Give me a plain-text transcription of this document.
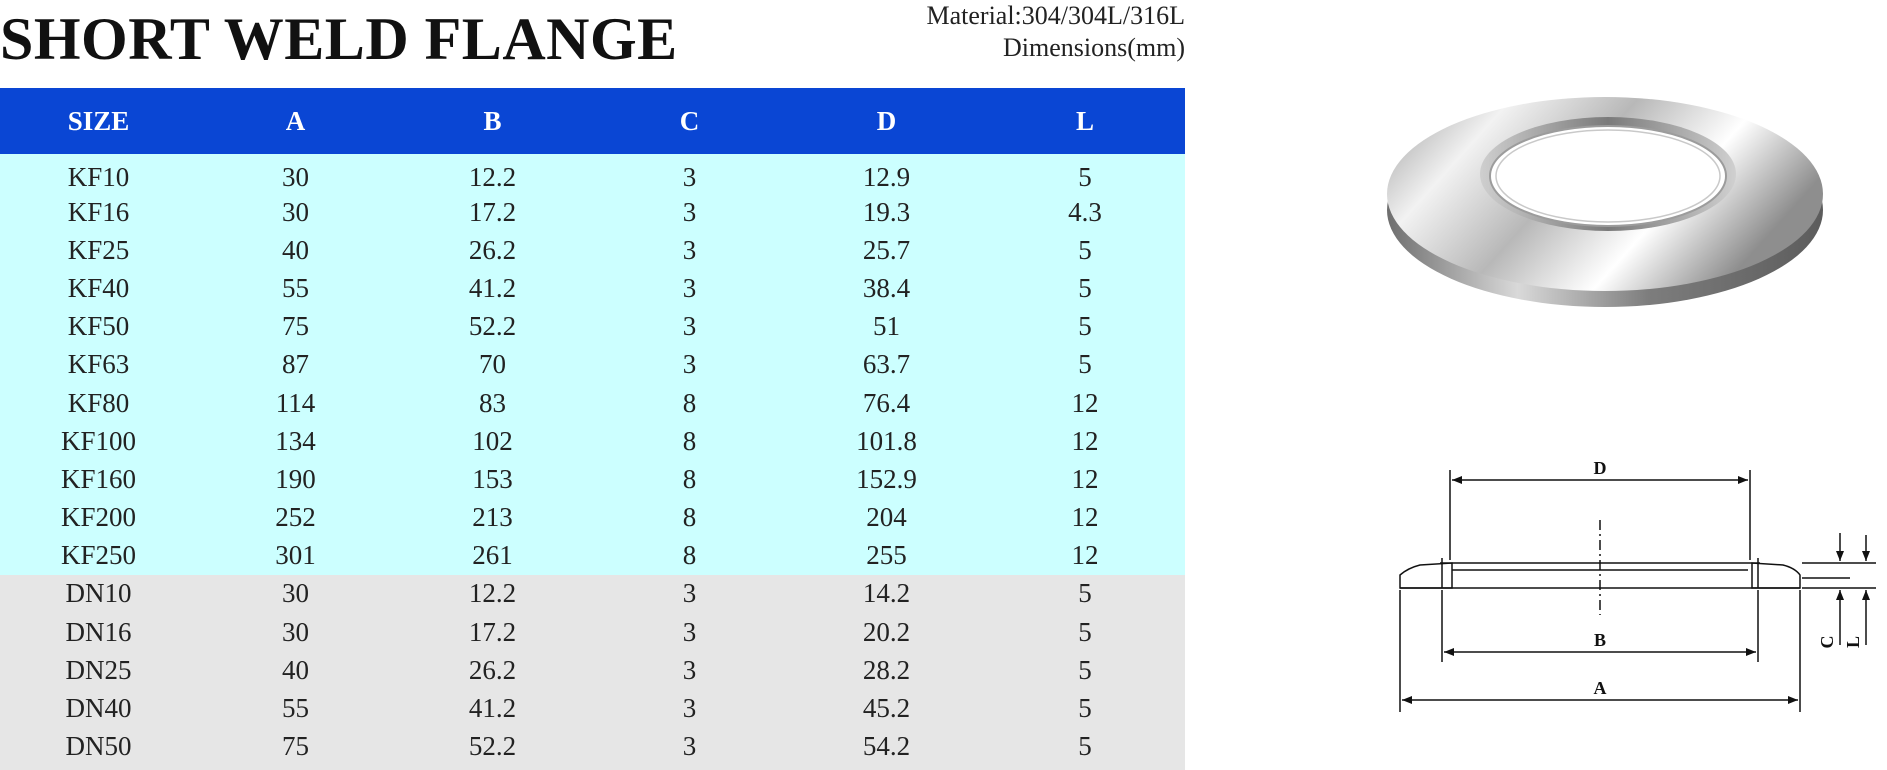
SHORT WELD FLANGE	Material:304/304L/316L
Dimensions(mm)
SIZE	A	B	C	D	L
KF10	30	12.2	3	12.9	5
KF16	30	17.2	3	19.3	4.3
KF25	40	26.2	3	25.7	5
KF40	55	41.2	3	38.4	5
KF50	75	52.2	3	51	5
KF63	87	70	3	63.7	5
KF80	114	83	8	76.4	12
KF100	134	102	8	101.8	12
KF160	190	153	8	152.9	12
KF200	252	213	8	204	12
KF250	301	261	8	255	12
DN10	30	12.2	3	14.2	5
DN16	30	17.2	3	20.2	5
DN25	40	26.2	3	28.2	5
DN40	55	41.2	3	45.2	5
DN50	75	52.2	3	54.2	5
D
B
A
C L
